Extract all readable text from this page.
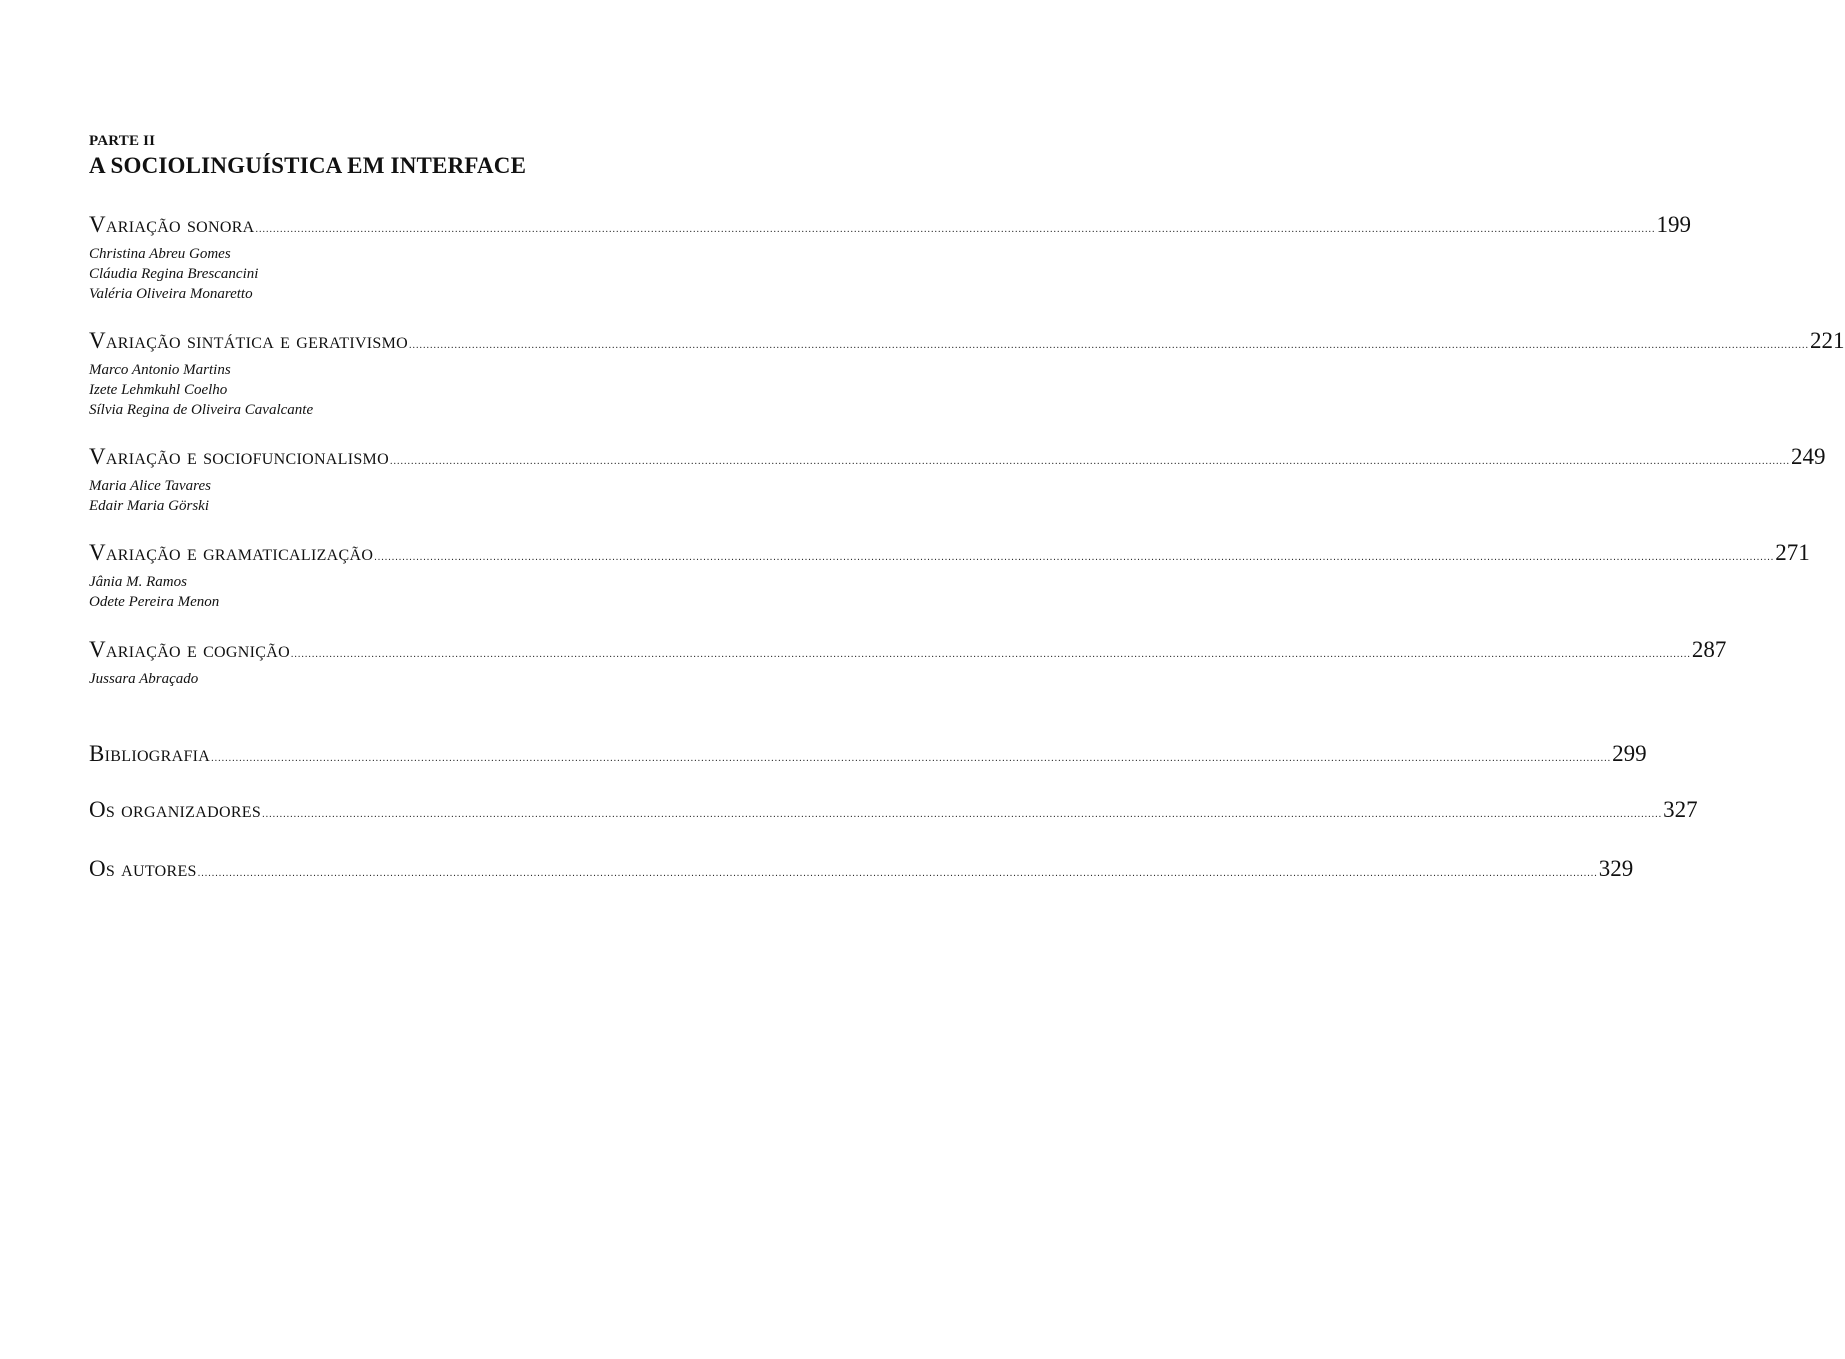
PARTE II
A SOCIOLINGUÍSTICA EM INTERFACE
Variação sonora ................................................................................................................................................................................................................................................................................................................................................................................................................ 199
Christina Abreu Gomes
Cláudia Regina Brescancini
Valéria Oliveira Monaretto
Variação sintática e gerativismo ................................................................................................................................................................................................................................................................................................................................................................................................................ 221
Marco Antonio Martins
Izete Lehmkuhl Coelho
Sílvia Regina de Oliveira Cavalcante
Variação e sociofuncionalismo ................................................................................................................................................................................................................................................................................................................................................................................................................ 249
Maria Alice Tavares
Edair Maria Görski
Variação e gramaticalização ................................................................................................................................................................................................................................................................................................................................................................................................................ 271
Jânia M. Ramos
Odete Pereira Menon
Variação e cognição ................................................................................................................................................................................................................................................................................................................................................................................................................ 287
Jussara Abraçado
Bibliografia ................................................................................................................................................................................................................................................................................................................................................................................................................ 299
Os organizadores ................................................................................................................................................................................................................................................................................................................................................................................................................ 327
Os autores ................................................................................................................................................................................................................................................................................................................................................................................................................ 329
